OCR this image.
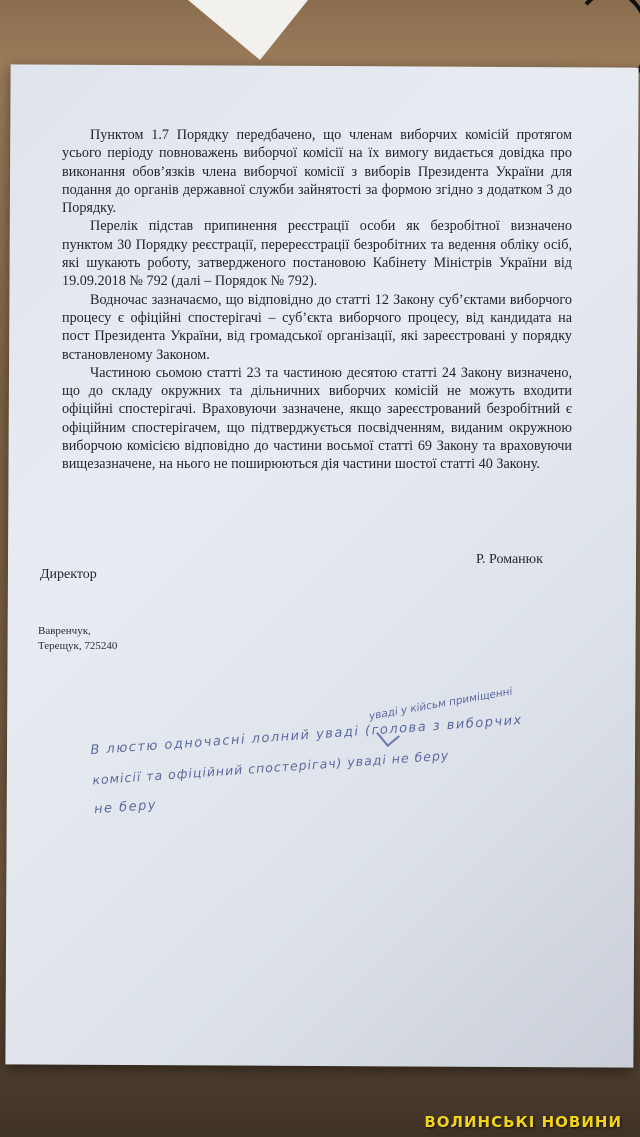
Пунктом 1.7 Порядку передбачено, що членам виборчих комісій протягом усього періоду повноважень виборчої комісії на їх вимогу видається довідка про виконання обов’язків члена виборчої комісії з виборів Президента України для подання до органів державної служби зайнятості за формою згідно з додатком 3 до Порядку.

Перелік підстав припинення реєстрації особи як безробітної визначено пунктом 30 Порядку реєстрації, перереєстрації безробітних та ведення обліку осіб, які шукають роботу, затвердженого постановою Кабінету Міністрів України від 19.09.2018 № 792 (далі – Порядок № 792).

Водночас зазначаємо, що відповідно до статті 12 Закону суб’єктами виборчого процесу є офіційні спостерігачі – суб’єкта виборчого процесу, від кандидата на пост Президента України, від громадської організації, які зареєстровані у порядку встановленому Законом.

Частиною сьомою статті 23 та частиною десятою статті 24 Закону визначено, що до складу окружних та дільничних виборчих комісій не можуть входити офіційні спостерігачі. Враховуючи зазначене, якщо зареєстрований безробітний є офіційним спостерігачем, що підтверджується посвідченням, виданим окружною виборчою комісією відповідно до частини восьмої статті 69 Закону та враховуючи вищезазначене, на нього не поширюються дія частини шостої статті 40 Закону.

Р. Романюк
Директор
Вавренчук,
Терещук, 725240
уваді у кійсьм приміщенні
В люстю одночасні лолний уваді (голова з виборчих
комісії та офіційний спостерігач) уваді не беру
не беру
ВОЛИНСЬКІ НОВИНИ
